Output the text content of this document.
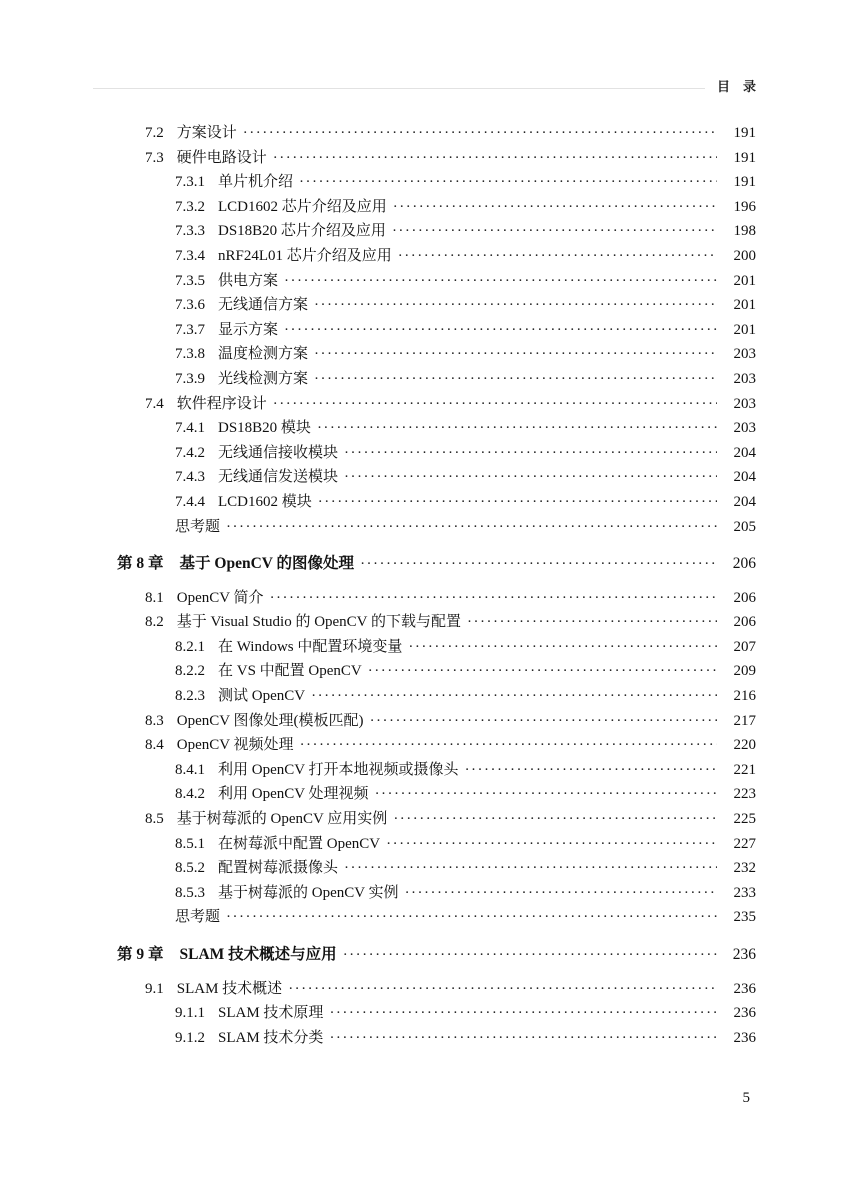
目　录
7.2 方案设计 ·····	191
7.3 硬件电路设计 ·····	191
7.3.1 单片机介绍 ·····	191
7.3.2 LCD1602 芯片介绍及应用 ·····	196
7.3.3 DS18B20 芯片介绍及应用 ·····	198
7.3.4 nRF24L01 芯片介绍及应用 ·····	200
7.3.5 供电方案 ·····	201
7.3.6 无线通信方案 ·····	201
7.3.7 显示方案 ·····	201
7.3.8 温度检测方案 ·····	203
7.3.9 光线检测方案 ·····	203
7.4 软件程序设计 ·····	203
7.4.1 DS18B20 模块 ·····	203
7.4.2 无线通信接收模块 ·····	204
7.4.3 无线通信发送模块 ·····	204
7.4.4 LCD1602 模块 ·····	204
思考题 ·····	205
第 8 章 基于 OpenCV 的图像处理 ·····	206
8.1 OpenCV 简介 ·····	206
8.2 基于 Visual Studio 的 OpenCV 的下载与配置 ·····	206
8.2.1 在 Windows 中配置环境变量 ·····	207
8.2.2 在 VS 中配置 OpenCV ·····	209
8.2.3 测试 OpenCV ·····	216
8.3 OpenCV 图像处理(模板匹配) ·····	217
8.4 OpenCV 视频处理 ·····	220
8.4.1 利用 OpenCV 打开本地视频或摄像头 ·····	221
8.4.2 利用 OpenCV 处理视频 ·····	223
8.5 基于树莓派的 OpenCV 应用实例 ·····	225
8.5.1 在树莓派中配置 OpenCV ·····	227
8.5.2 配置树莓派摄像头 ·····	232
8.5.3 基于树莓派的 OpenCV 实例 ·····	233
思考题 ·····	235
第 9 章 SLAM 技术概述与应用 ·····	236
9.1 SLAM 技术概述 ·····	236
9.1.1 SLAM 技术原理 ·····	236
9.1.2 SLAM 技术分类 ·····	236
5
